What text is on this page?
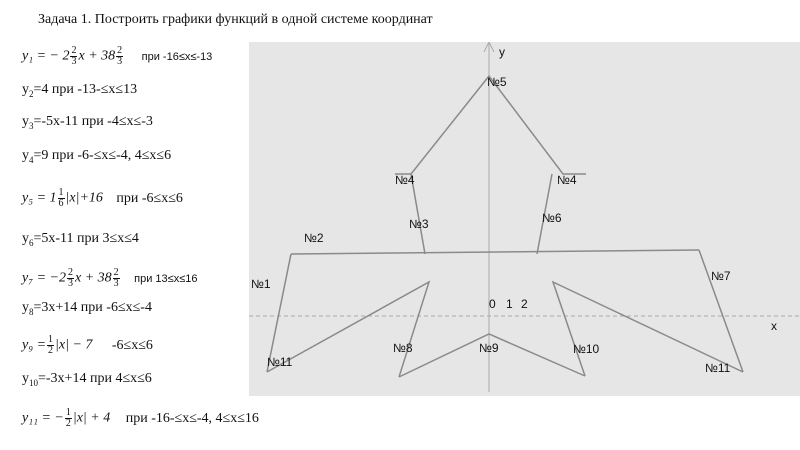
Задача 1. Построить графики функций в одной системе координат
y₁ = − $2 \frac{2}{3}$ $x + 38 \frac{2}{3}$ при -16≤x≤-13
$y_2=4$ при -13-≤x≤13
$y_3=-5x-11$ при -4≤x≤-3
$y_4=9$ при -6-≤x≤-4, 4≤x≤6
$y_5 = 1 \frac{1}{6} |x|+16$ при -6≤x≤6
$y_6=5x-11$ при 3≤x≤4
$y_7 = -2 \frac{2}{3}$ $x + 38 \frac{2}{3}$ при 13≤x≤16
$y_8=3x+14$ при -6≤x≤-4
$y_9 = \frac{1}{2} |x| - 7$ -6≤x≤6
$y_{10}=-3x+14$ при 4≤x≤6
y₁₁ = − $\frac{1}{2} |x| + 4$ при -16-≤x≤-4, 4≤x≤16
y
x
0 1 2
№5
№4	№4
№3	№6
№2
№1
№7
№8	№9	№10
№11	№11
